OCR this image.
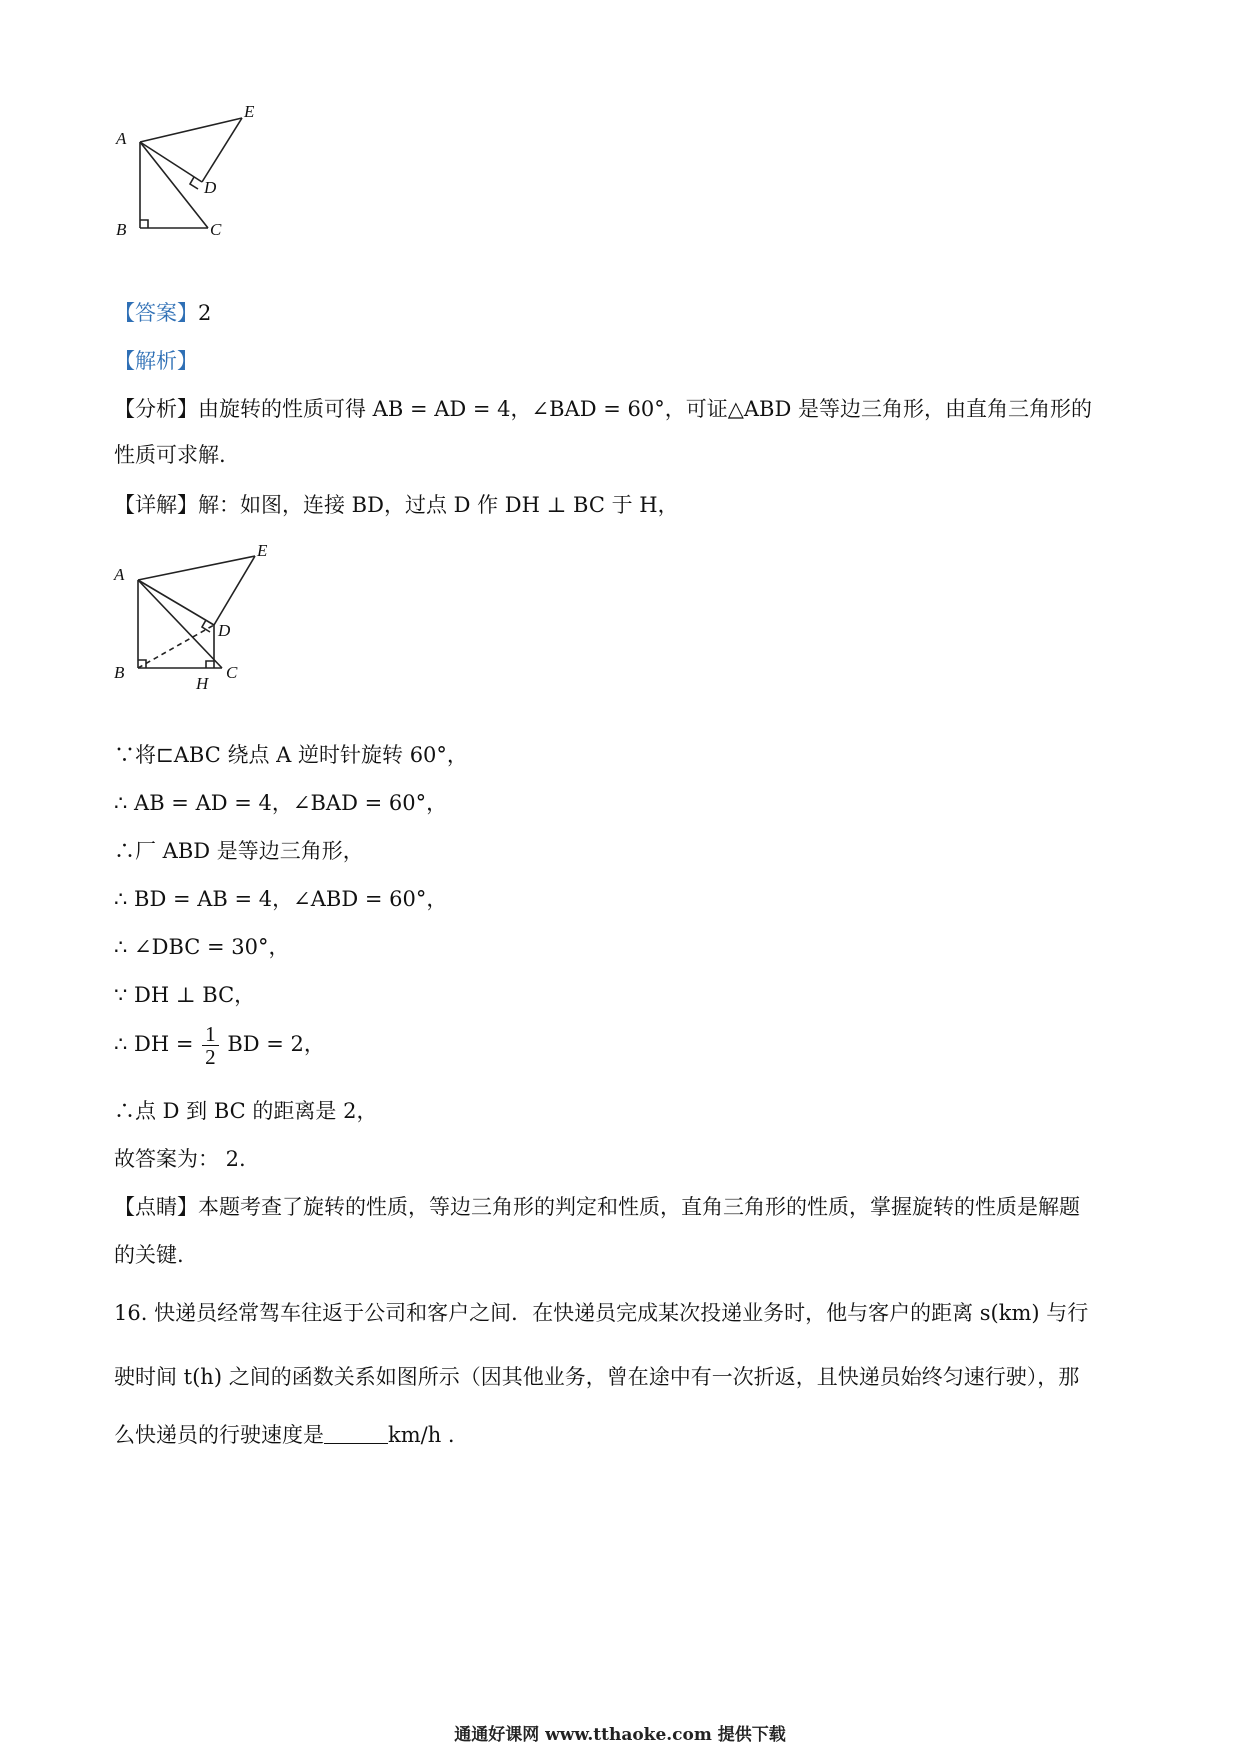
A
B	C
D
E
【答案】2
【解析】
【分析】由旋转的性质可得 AB = AD = 4，∠BAD = 60°，可证△ABD 是等边三角形，由直角三角形的
性质可求解.
【详解】解：如图，连接 BD，过点 D 作 DH ⊥ BC 于 H，
A
B	C
D
E
H
∵将⊏ABC 绕点 A 逆时针旋转 60°，
∴ AB = AD = 4，∠BAD = 60°，
∴⼚ ABD 是等边三角形，
∴ BD = AB = 4，∠ABD = 60°，
∴ ∠DBC = 30°，
∵ DH ⊥ BC，
∴ DH = $\frac{1}{2}$ BD = 2，
∴点 D 到 BC 的距离是 2，
故答案为： 2.
【点睛】本题考查了旋转的性质，等边三角形的判定和性质，直角三角形的性质，掌握旋转的性质是解题
的关键.
16. 快递员经常驾车往返于公司和客户之间．在快递员完成某次投递业务时，他与客户的距离 s(km) 与行
驶时间 t(h) 之间的函数关系如图所示（因其他业务，曾在途中有一次折返，且快递员始终匀速行驶），那
么快递员的行驶速度是	km/h .
通通好课网 www.tthaoke.com 提供下载
